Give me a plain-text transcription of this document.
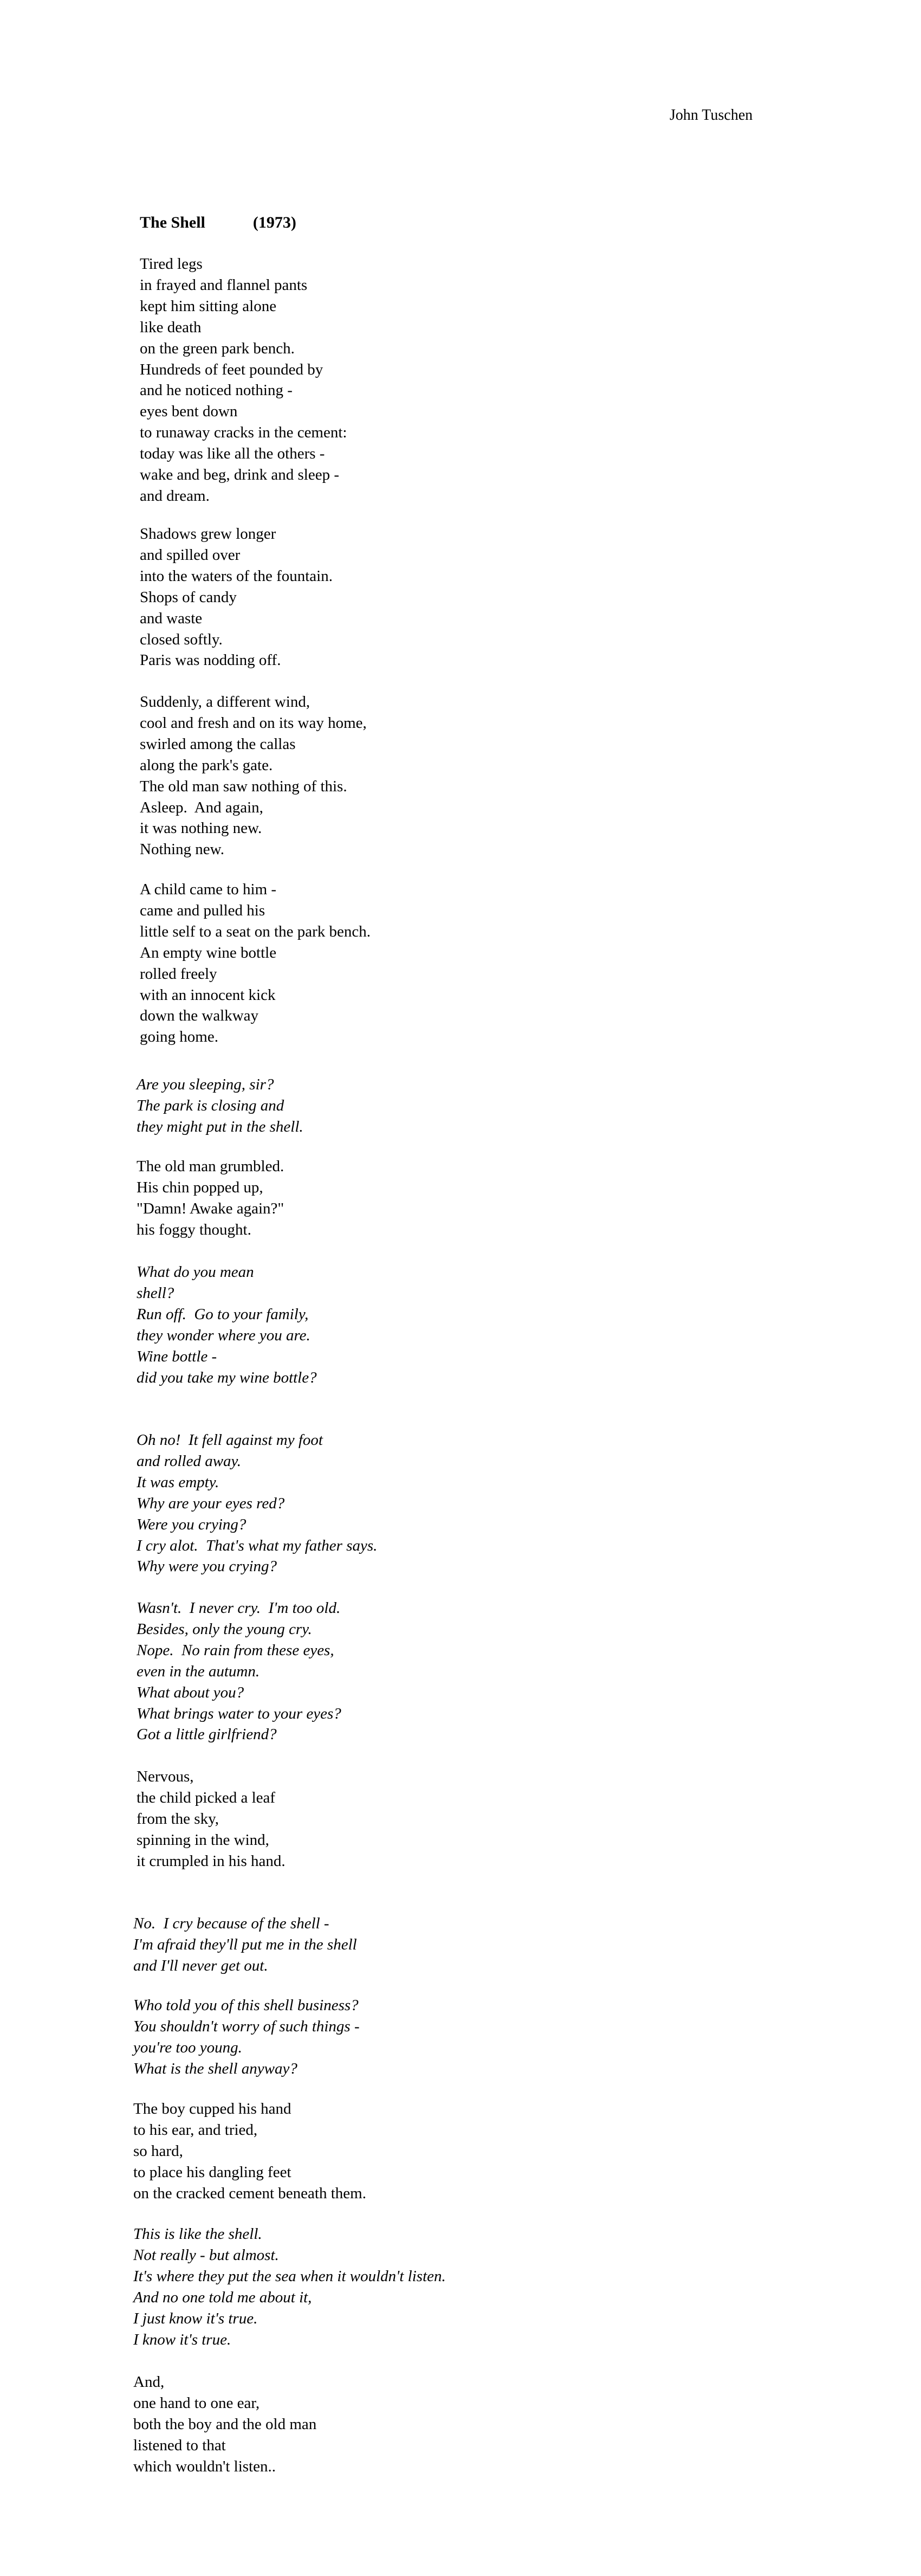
John Tuschen
The Shell	(1973)
Tired legs
in frayed and flannel pants
kept him sitting alone
like death
on the green park bench.
Hundreds of feet pounded by
and he noticed nothing -
eyes bent down
to runaway cracks in the cement:
today was like all the others -
wake and beg, drink and sleep -
and dream.
Shadows grew longer
and spilled over
into the waters of the fountain.
Shops of candy
and waste
closed softly.
Paris was nodding off.
Suddenly, a different wind,
cool and fresh and on its way home,
swirled among the callas
along the park's gate.
The old man saw nothing of this.
Asleep.  And again,
it was nothing new.
Nothing new.
A child came to him -
came and pulled his
little self to a seat on the park bench.
An empty wine bottle
rolled freely
with an innocent kick
down the walkway
going home.
Are you sleeping, sir?
The park is closing and
they might put in the shell.
The old man grumbled.
His chin popped up,
"Damn! Awake again?"
his foggy thought.
What do you mean
shell?
Run off.  Go to your family,
they wonder where you are.
Wine bottle -
did you take my wine bottle?
Oh no!  It fell against my foot
and rolled away.
It was empty.
Why are your eyes red?
Were you crying?
I cry alot.  That's what my father says.
Why were you crying?
Wasn't.  I never cry.  I'm too old.
Besides, only the young cry.
Nope.  No rain from these eyes,
even in the autumn.
What about you?
What brings water to your eyes?
Got a little girlfriend?
Nervous,
the child picked a leaf
from the sky,
spinning in the wind,
it crumpled in his hand.
No.  I cry because of the shell -
I'm afraid they'll put me in the shell
and I'll never get out.
Who told you of this shell business?
You shouldn't worry of such things -
you're too young.
What is the shell anyway?
The boy cupped his hand
to his ear, and tried,
so hard,
to place his dangling feet
on the cracked cement beneath them.
This is like the shell.
Not really - but almost.
It's where they put the sea when it wouldn't listen.
And no one told me about it,
I just know it's true.
I know it's true.
And,
one hand to one ear,
both the boy and the old man
listened to that
which wouldn't listen..
